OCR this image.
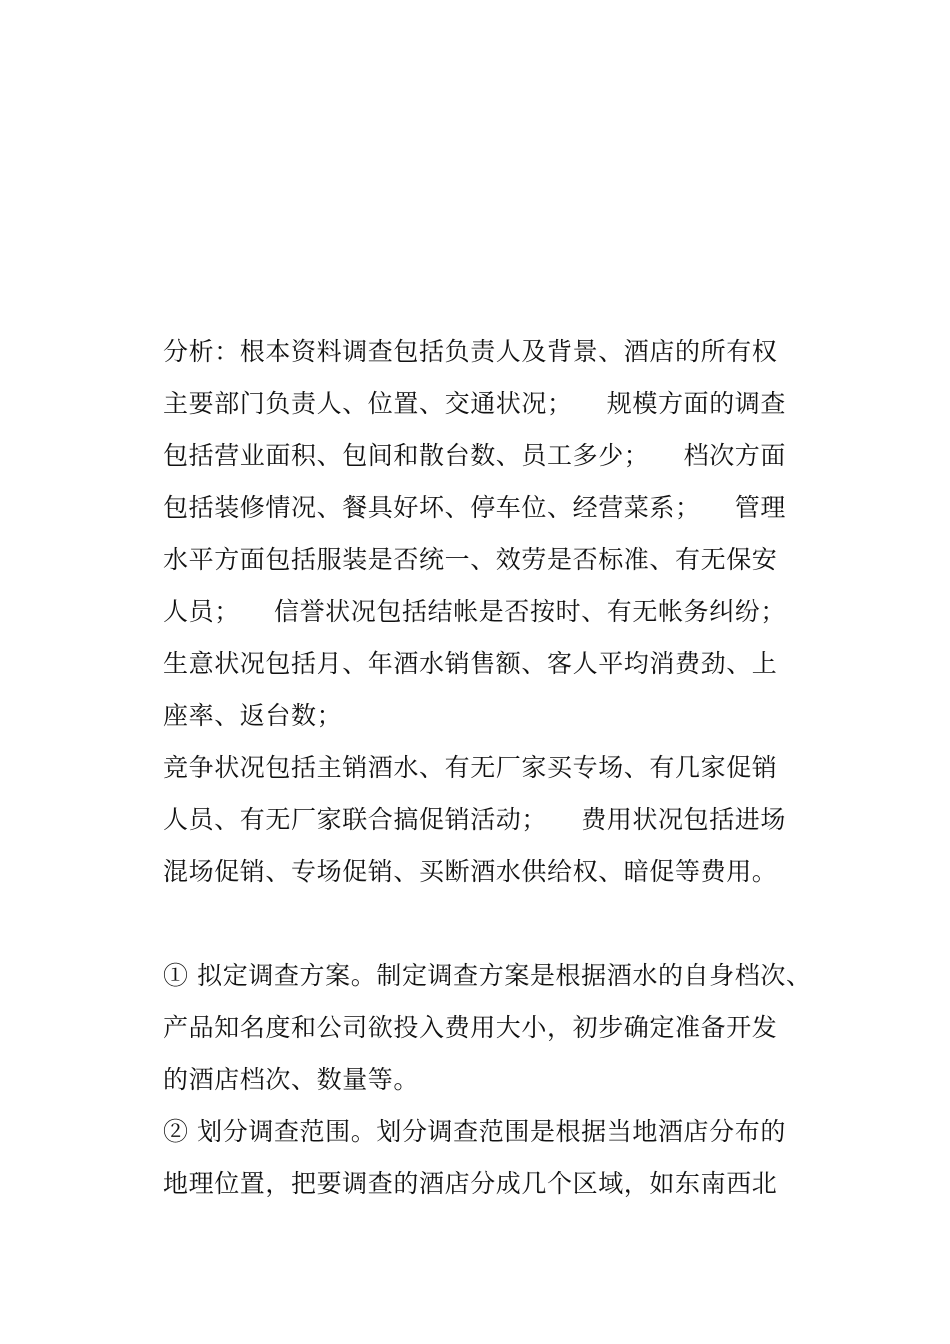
分析：根本资料调查包括负责人及背景、酒店的所有权
主要部门负责人、位置、交通状况；    规模方面的调查
包括营业面积、包间和散台数、员工多少；    档次方面
包括装修情况、餐具好坏、停车位、经营菜系；    管理
水平方面包括服装是否统一、效劳是否标准、有无保安
人员；    信誉状况包括结帐是否按时、有无帐务纠纷；
生意状况包括月、年酒水销售额、客人平均消费劲、上
座率、返台数；
竞争状况包括主销酒水、有无厂家买专场、有几家促销
人员、有无厂家联合搞促销活动；    费用状况包括进场
混场促销、专场促销、买断酒水供给权、暗促等费用。
① 拟定调查方案。制定调查方案是根据酒水的自身档次、
产品知名度和公司欲投入费用大小，初步确定准备开发
的酒店档次、数量等。
② 划分调查范围。划分调查范围是根据当地酒店分布的
地理位置，把要调查的酒店分成几个区域，如东南西北
